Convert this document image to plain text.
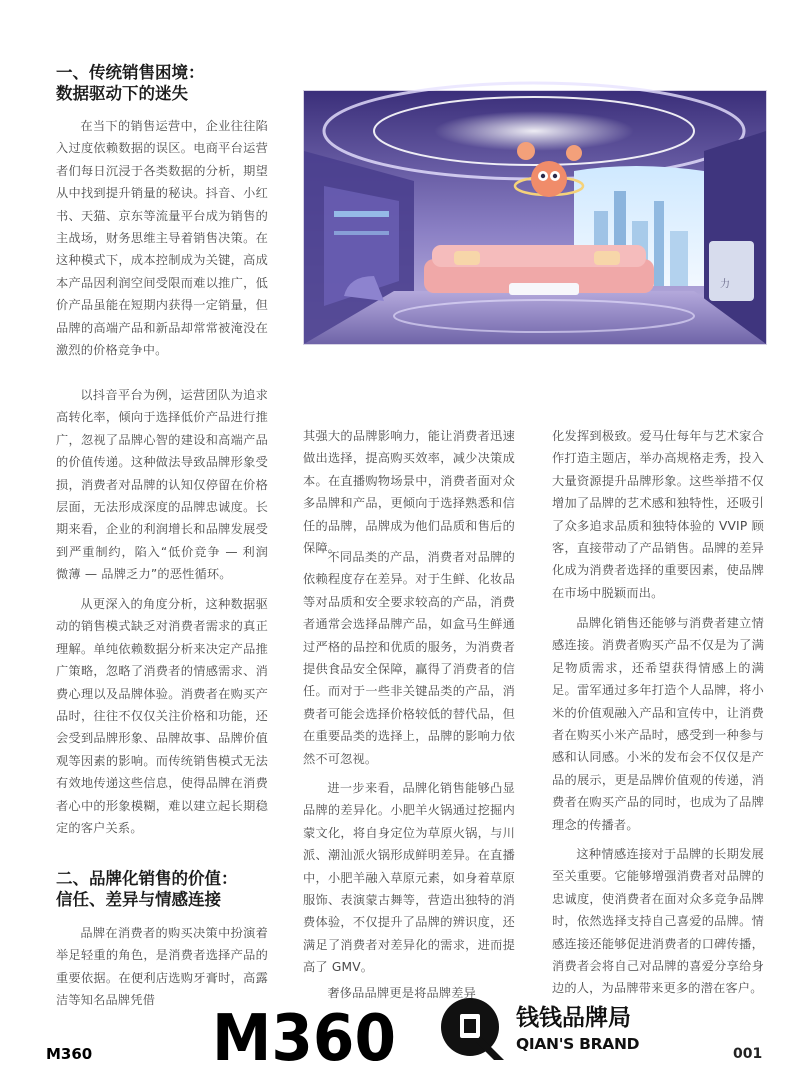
一、传统销售困境：
数据驱动下的迷失

在当下的销售运营中，企业往往陷入过度依赖数据的误区。电商平台运营者们每日沉浸于各类数据的分析，期望从中找到提升销量的秘诀。抖音、小红书、天猫、京东等流量平台成为销售的主战场，财务思维主导着销售决策。在这种模式下，成本控制成为关键，高成本产品因利润空间受限而难以推广，低价产品虽能在短期内获得一定销量，但品牌的高端产品和新品却常常被淹没在激烈的价格竞争中。

以抖音平台为例，运营团队为追求高转化率，倾向于选择低价产品进行推广，忽视了品牌心智的建设和高端产品的价值传递。这种做法导致品牌形象受损，消费者对品牌的认知仅停留在价格层面，无法形成深度的品牌忠诚度。长期来看，企业的利润增长和品牌发展受到严重制约，陷入“低价竞争 — 利润微薄 — 品牌乏力”的恶性循环。

从更深入的角度分析，这种数据驱动的销售模式缺乏对消费者需求的真正理解。单纯依赖数据分析来决定产品推广策略，忽略了消费者的情感需求、消费心理以及品牌体验。消费者在购买产品时，往往不仅仅关注价格和功能，还会受到品牌形象、品牌故事、品牌价值观等因素的影响。而传统销售模式无法有效地传递这些信息，使得品牌在消费者心中的形象模糊，难以建立起长期稳定的客户关系。

二、品牌化销售的价值：
信任、差异与情感连接

品牌在消费者的购买决策中扮演着举足轻重的角色，是消费者选择产品的重要依据。在便利店选购牙膏时，高露洁等知名品牌凭借

力

其强大的品牌影响力，能让消费者迅速做出选择，提高购买效率，减少决策成本。在直播购物场景中，消费者面对众多品牌和产品，更倾向于选择熟悉和信任的品牌，品牌成为他们品质和售后的保障。

不同品类的产品，消费者对品牌的依赖程度存在差异。对于生鲜、化妆品等对品质和安全要求较高的产品，消费者通常会选择品牌产品，如盒马生鲜通过严格的品控和优质的服务，为消费者提供食品安全保障，赢得了消费者的信任。而对于一些非关键品类的产品，消费者可能会选择价格较低的替代品，但在重要品类的选择上，品牌的影响力依然不可忽视。

进一步来看，品牌化销售能够凸显品牌的差异化。小肥羊火锅通过挖掘内蒙文化，将自身定位为草原火锅，与川派、潮汕派火锅形成鲜明差异。在直播中，小肥羊融入草原元素，如身着草原服饰、表演蒙古舞等，营造出独特的消费体验，不仅提升了品牌的辨识度，还满足了消费者对差异化的需求，进而提高了 GMV。

奢侈品品牌更是将品牌差异

化发挥到极致。爱马仕每年与艺术家合作打造主题店，举办高规格走秀，投入大量资源提升品牌形象。这些举措不仅增加了品牌的艺术感和独特性，还吸引了众多追求品质和独特体验的 VVIP 顾客，直接带动了产品销售。品牌的差异化成为消费者选择的重要因素，使品牌在市场中脱颖而出。

品牌化销售还能够与消费者建立情感连接。消费者购买产品不仅是为了满足物质需求，还希望获得情感上的满足。雷军通过多年打造个人品牌，将小米的价值观融入产品和宣传中，让消费者在购买小米产品时，感受到一种参与感和认同感。小米的发布会不仅仅是产品的展示，更是品牌价值观的传递，消费者在购买产品的同时，也成为了品牌理念的传播者。

这种情感连接对于品牌的长期发展至关重要。它能够增强消费者对品牌的忠诚度，使消费者在面对众多竞争品牌时，依然选择支持自己喜爱的品牌。情感连接还能够促进消费者的口碑传播，消费者会将自己对品牌的喜爱分享给身边的人，为品牌带来更多的潜在客户。

M360 M360	钱钱品牌局

QIAN'S BRAND

001
